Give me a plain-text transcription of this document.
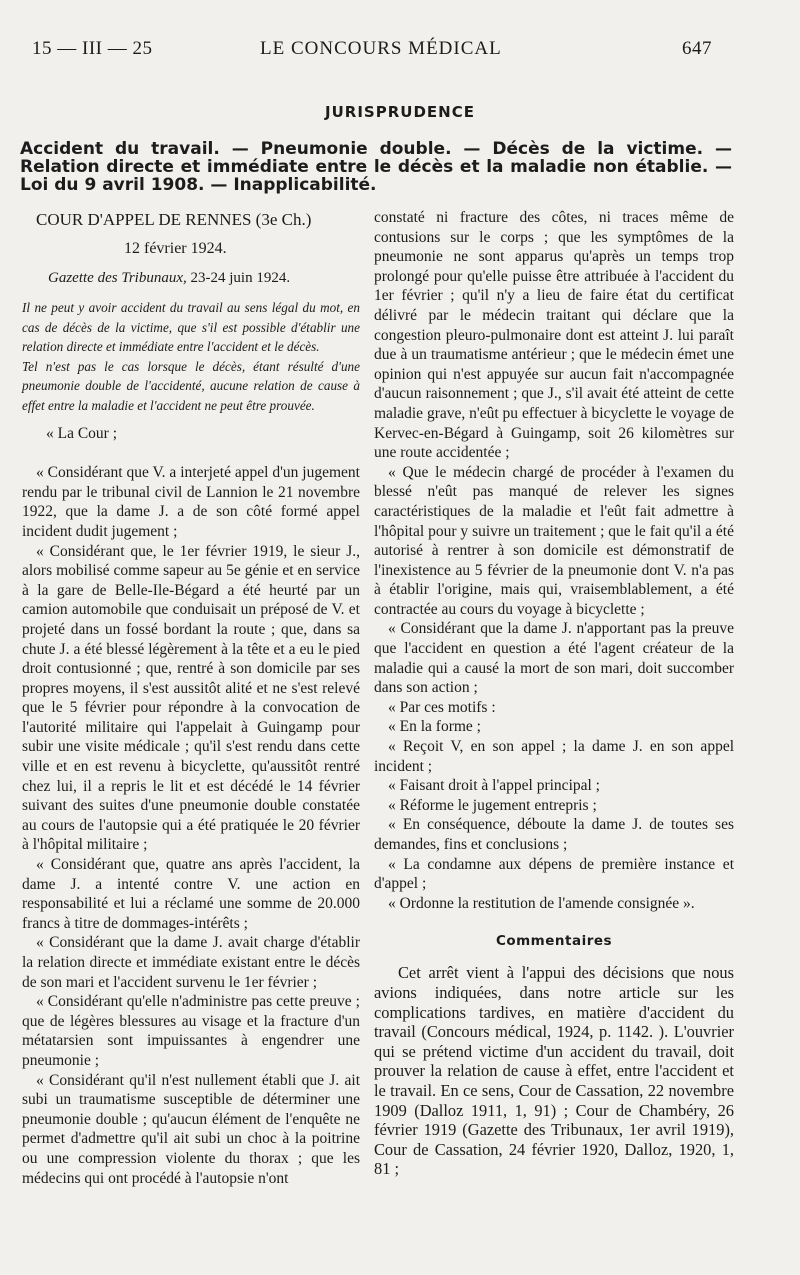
15 — III — 25	LE CONCOURS MÉDICAL	647
JURISPRUDENCE
Accident du travail. — Pneumonie double. — Décès de la victime. — Relation directe et immédiate entre le décès et la maladie non établie. — Loi du 9 avril 1908. — Inapplicabilité.
COUR D'APPEL DE RENNES (3e Ch.)
12 février 1924.
Gazette des Tribunaux, 23-24 juin 1924.

Il ne peut y avoir accident du travail au sens légal du mot, en cas de décès de la victime, que s'il est possible d'établir une relation directe et immédiate entre l'accident et le décès.

Tel n'est pas le cas lorsque le décès, étant résulté d'une pneumonie double de l'accidenté, aucune relation de cause à effet entre la maladie et l'accident ne peut être prouvée.

« La Cour ;

« Considérant que V. a interjeté appel d'un jugement rendu par le tribunal civil de Lannion le 21 novembre 1922, que la dame J. a de son côté formé appel incident dudit jugement ;

« Considérant que, le 1er février 1919, le sieur J., alors mobilisé comme sapeur au 5e génie et en service à la gare de Belle-Ile-Bégard a été heurté par un camion automobile que conduisait un préposé de V. et projeté dans un fossé bordant la route ; que, dans sa chute J. a été blessé légèrement à la tête et a eu le pied droit contusionné ; que, rentré à son domicile par ses propres moyens, il s'est aussitôt alité et ne s'est relevé que le 5 février pour répondre à la convocation de l'autorité militaire qui l'appelait à Guingamp pour subir une visite médicale ; qu'il s'est rendu dans cette ville et en est revenu à bicyclette, qu'aussitôt rentré chez lui, il a repris le lit et est décédé le 14 février suivant des suites d'une pneumonie double constatée au cours de l'autopsie qui a été pratiquée le 20 février à l'hôpital militaire ;

« Considérant que, quatre ans après l'accident, la dame J. a intenté contre V. une action en responsabilité et lui a réclamé une somme de 20.000 francs à titre de dommages-intérêts ;

« Considérant que la dame J. avait charge d'établir la relation directe et immédiate existant entre le décès de son mari et l'accident survenu le 1er février ;

« Considérant qu'elle n'administre pas cette preuve ; que de légères blessures au visage et la fracture d'un métatarsien sont impuissantes à engendrer une pneumonie ;

« Considérant qu'il n'est nullement établi que J. ait subi un traumatisme susceptible de déterminer une pneumonie double ; qu'aucun élément de l'enquête ne permet d'admettre qu'il ait subi un choc à la poitrine ou une compression violente du thorax ; que les médecins qui ont procédé à l'autopsie n'ont

constaté ni fracture des côtes, ni traces même de contusions sur le corps ; que les symptômes de la pneumonie ne sont apparus qu'après un temps trop prolongé pour qu'elle puisse être attribuée à l'accident du 1er février ; qu'il n'y a lieu de faire état du certificat délivré par le médecin traitant qui déclare que la congestion pleuro-pulmonaire dont est atteint J. lui paraît due à un traumatisme antérieur ; que le médecin émet une opinion qui n'est appuyée sur aucun fait n'accompagnée d'aucun raisonnement ; que J., s'il avait été atteint de cette maladie grave, n'eût pu effectuer à bicyclette le voyage de Kervec-en-Bégard à Guingamp, soit 26 kilomètres sur une route accidentée ;

« Que le médecin chargé de procéder à l'examen du blessé n'eût pas manqué de relever les signes caractéristiques de la maladie et l'eût fait admettre à l'hôpital pour y suivre un traitement ; que le fait qu'il a été autorisé à rentrer à son domicile est démonstratif de l'inexistence au 5 février de la pneumonie dont V. n'a pas à établir l'origine, mais qui, vraisemblablement, a été contractée au cours du voyage à bicyclette ;

« Considérant que la dame J. n'apportant pas la preuve que l'accident en question a été l'agent créateur de la maladie qui a causé la mort de son mari, doit succomber dans son action ;

« Par ces motifs :

« En la forme ;

« Reçoit V, en son appel ; la dame J. en son appel incident ;

« Faisant droit à l'appel principal ;

« Réforme le jugement entrepris ;

« En conséquence, déboute la dame J. de toutes ses demandes, fins et conclusions ;

« La condamne aux dépens de première instance et d'appel ;

« Ordonne la restitution de l'amende consignée ».

Commentaires

Cet arrêt vient à l'appui des décisions que nous avions indiquées, dans notre article sur les complications tardives, en matière d'accident du travail (Concours médical, 1924, p. 1142. ). L'ouvrier qui se prétend victime d'un accident du travail, doit prouver la relation de cause à effet, entre l'accident et le travail. En ce sens, Cour de Cassation, 22 novembre 1909 (Dalloz 1911, 1, 91) ; Cour de Chambéry, 26 février 1919 (Gazette des Tribunaux, 1er avril 1919), Cour de Cassation, 24 février 1920, Dalloz, 1920, 1, 81 ;
